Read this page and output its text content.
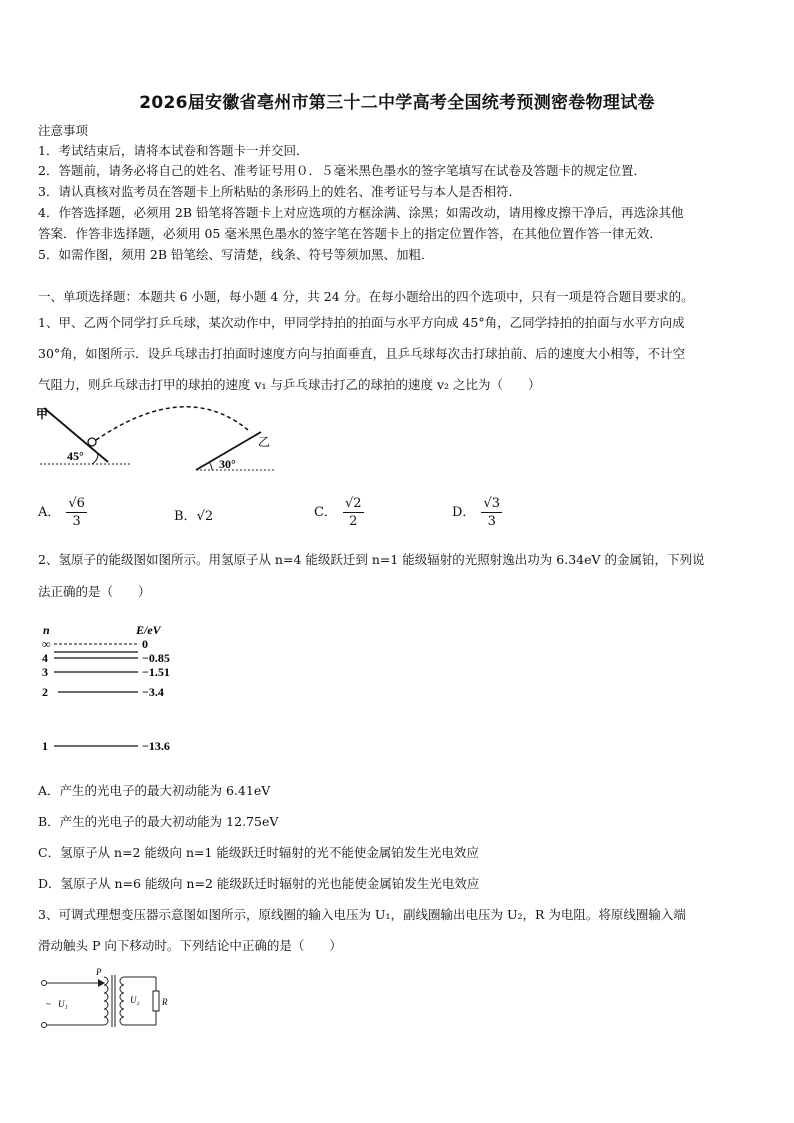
2026届安徽省亳州市第三十二中学高考全国统考预测密卷物理试卷
注意事项
1．考试结束后，请将本试卷和答题卡一并交回．
2．答题前，请务必将自己的姓名、准考证号用０．５毫米黑色墨水的签字笔填写在试卷及答题卡的规定位置．
3．请认真核对监考员在答题卡上所粘贴的条形码上的姓名、准考证号与本人是否相符．
4．作答选择题，必须用 2B 铅笔将答题卡上对应选项的方框涂满、涂黑；如需改动，请用橡皮擦干净后，再选涂其他
答案．作答非选择题，必须用 05 毫米黑色墨水的签字笔在答题卡上的指定位置作答，在其他位置作答一律无效．
5．如需作图，须用 2B 铅笔绘、写清楚，线条、符号等须加黑、加粗．
一、单项选择题：本题共 6 小题，每小题 4 分，共 24 分。在每小题给出的四个选项中，只有一项是符合题目要求的。
1、甲、乙两个同学打乒乓球，某次动作中，甲同学持拍的拍面与水平方向成 45°角，乙同学持拍的拍面与水平方向成
30°角，如图所示．设乒乓球击打拍面时速度方向与拍面垂直，且乒乓球每次击打球拍前、后的速度大小相等，不计空
气阻力，则乒乓球击打甲的球拍的速度 v₁ 与乒乓球击打乙的球拍的速度 v₂ 之比为（　　）
甲
乙
45°
30°
A． $\frac{√6}{3}$	B．√2	C． $\frac{√2}{2}$	D． $\frac{√3}{3}$
2、氢原子的能级图如图所示。用氢原子从 n=4 能级跃迁到 n=1 能级辐射的光照射逸出功为 6.34eV 的金属铂，下列说
法正确的是（　　）
n	E/eV
∞	0
4	−0.85
3	−1.51
2	−3.4
1	−13.6
A．产生的光电子的最大初动能为 6.41eV
B．产生的光电子的最大初动能为 12.75eV
C．氢原子从 n=2 能级向 n=1 能级跃迁时辐射的光不能使金属铂发生光电效应
D．氢原子从 n=6 能级向 n=2 能级跃迁时辐射的光也能使金属铂发生光电效应
3、可调式理想变压器示意图如图所示，原线圈的输入电压为 U₁，副线圈输出电压为 U₂，R 为电阻。将原线圈输入端
滑动触头 P 向下移动时。下列结论中正确的是（　　）
P
~ U₁	U₂ R
